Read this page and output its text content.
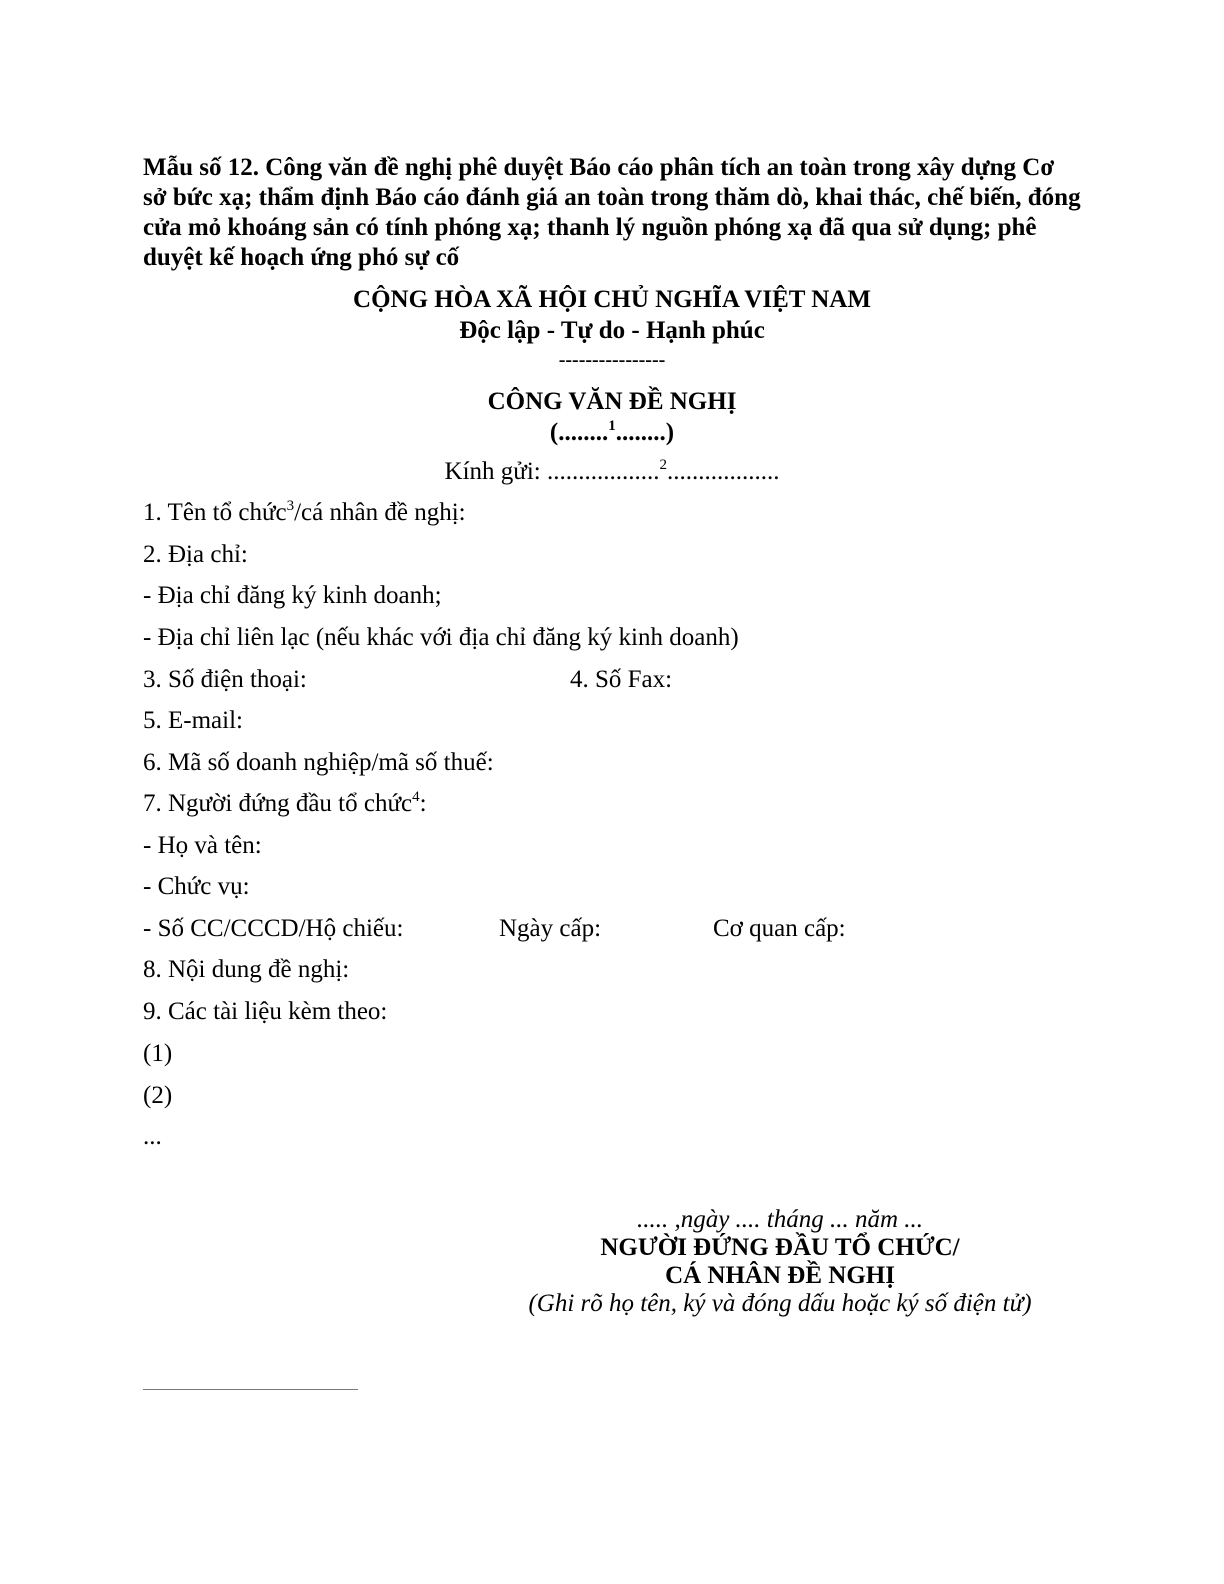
Mẫu số 12. Công văn đề nghị phê duyệt Báo cáo phân tích an toàn trong xây dựng Cơ sở bức xạ; thẩm định Báo cáo đánh giá an toàn trong thăm dò, khai thác, chế biến, đóng cửa mỏ khoáng sản có tính phóng xạ; thanh lý nguồn phóng xạ đã qua sử dụng; phê duyệt kế hoạch ứng phó sự cố

CỘNG HÒA XÃ HỘI CHỦ NGHĨA VIỆT NAM
Độc lập - Tự do - Hạnh phúc
----------------
CÔNG VĂN ĐỀ NGHỊ
(........$^1$........)
Kính gửi: ..................$^2$..................
1. Tên tổ chức$^3$/cá nhân đề nghị:
2. Địa chỉ:
- Địa chỉ đăng ký kinh doanh;
- Địa chỉ liên lạc (nếu khác với địa chỉ đăng ký kinh doanh)
3. Số điện thoại:	4. Số Fax:
5. E-mail:
6. Mã số doanh nghiệp/mã số thuế:
7. Người đứng đầu tổ chức$^4$:
- Họ và tên:
- Chức vụ:
- Số CC/CCCD/Hộ chiếu:	Ngày cấp:	Cơ quan cấp:
8. Nội dung đề nghị:
9. Các tài liệu kèm theo:
(1)
(2)
...
..... ,ngày .... tháng ... năm ...
NGƯỜI ĐỨNG ĐẦU TỔ CHỨC/
CÁ NHÂN ĐỀ NGHỊ
(Ghi rõ họ tên, ký và đóng dấu hoặc ký số điện tử)
